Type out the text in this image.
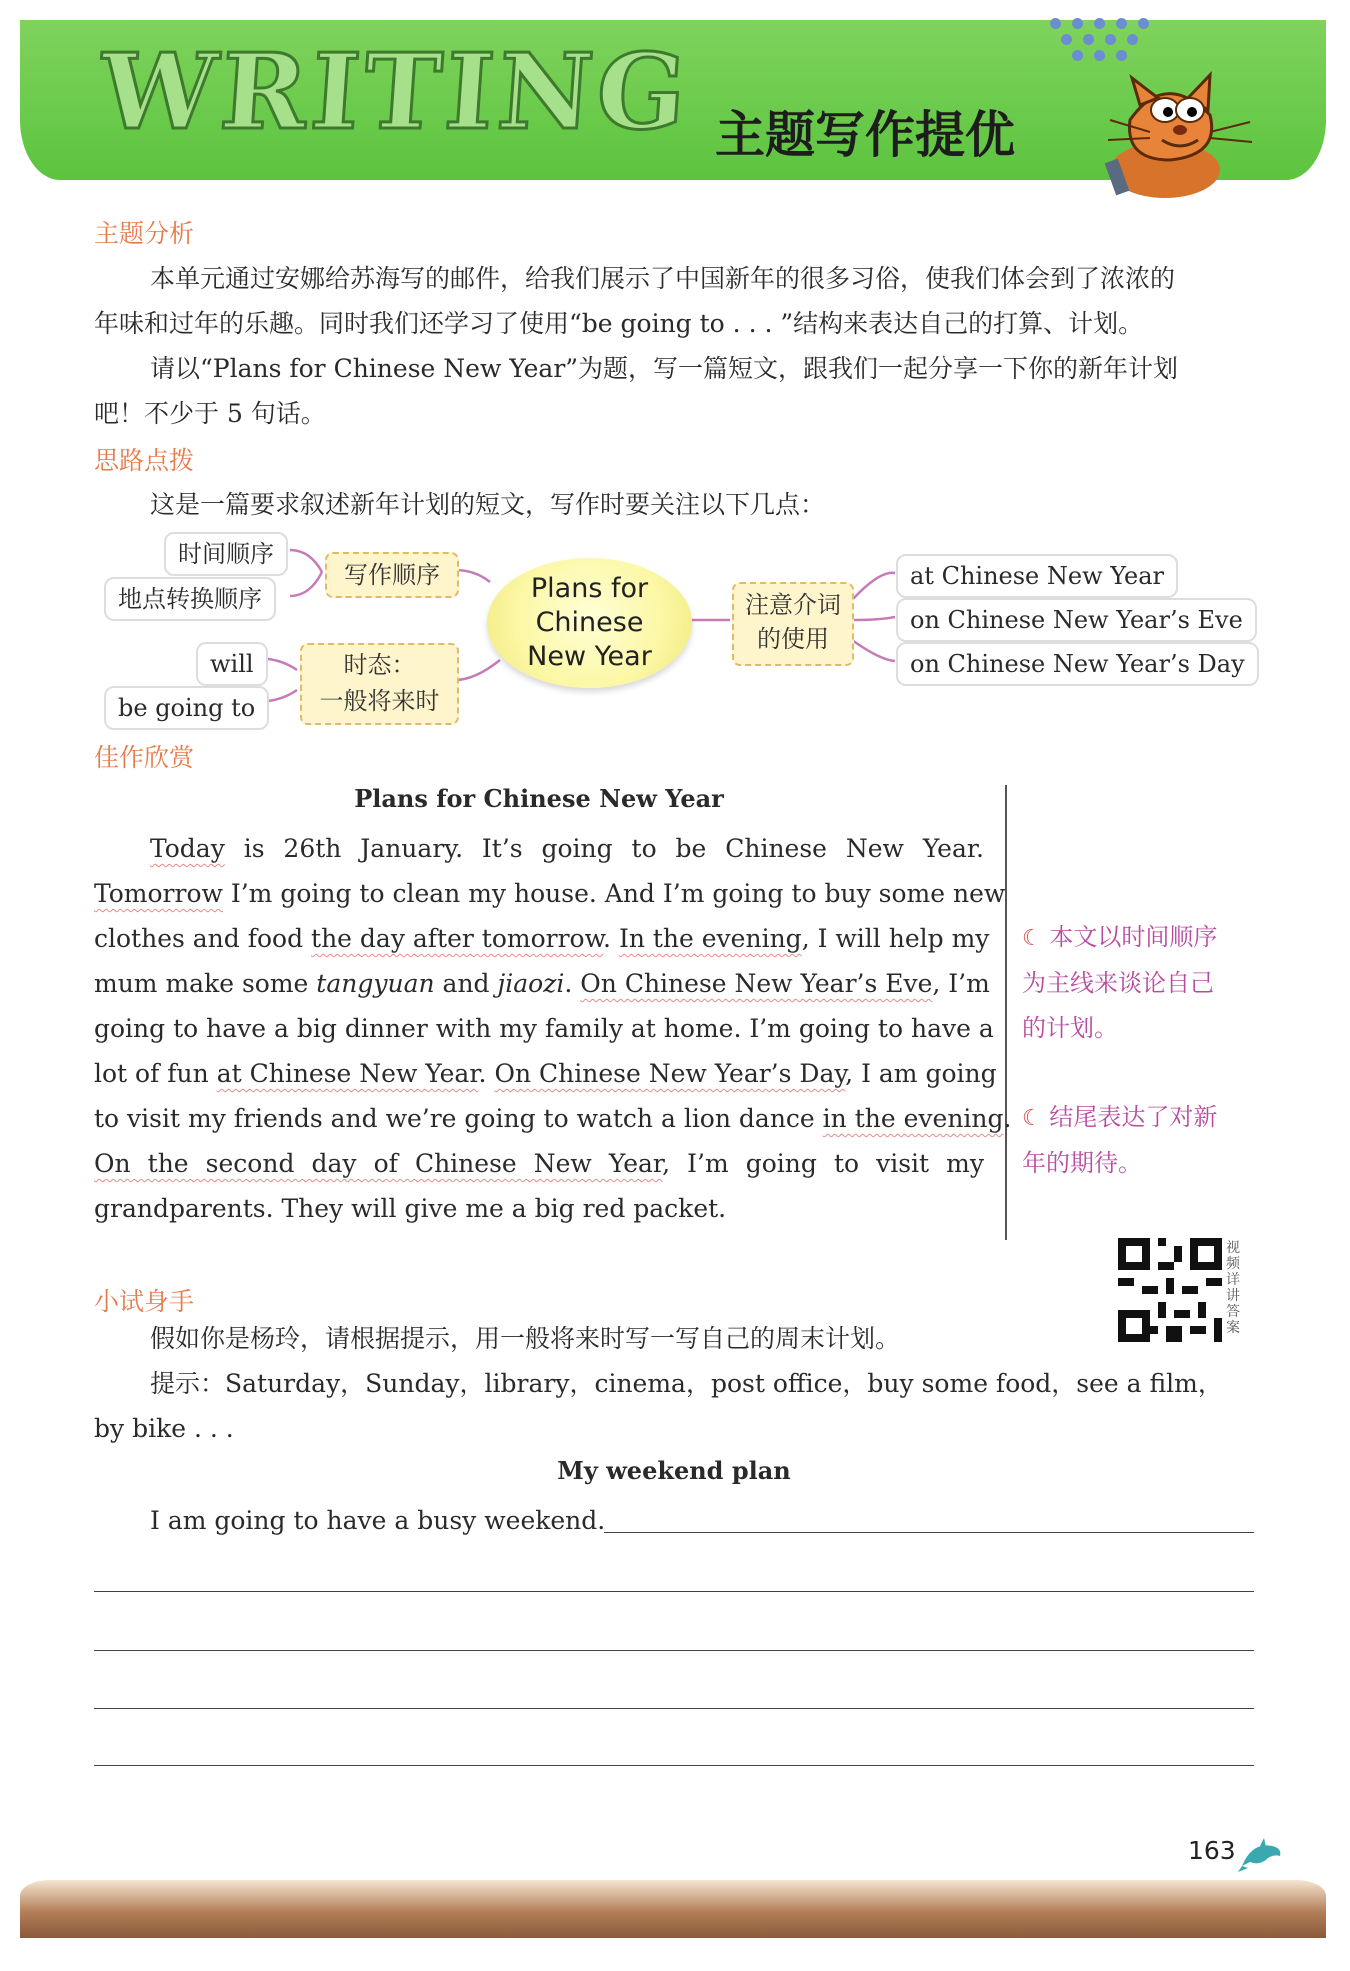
WRITING 主题写作提优
主题分析
本单元通过安娜给苏海写的邮件，给我们展示了中国新年的很多习俗，使我们体会到了浓浓的
年味和过年的乐趣。同时我们还学习了使用“be going to . . . ”结构来表达自己的打算、计划。
请以“Plans for Chinese New Year”为题，写一篇短文，跟我们一起分享一下你的新年计划
吧！不少于 5 句话。
思路点拨
这是一篇要求叙述新年计划的短文，写作时要关注以下几点：
时间顺序
地点转换顺序
写作顺序
will
be going to
时态：
一般将来时
Plans for
Chinese
New Year
注意介词
的使用
at Chinese New Year
on Chinese New Year’s Eve
on Chinese New Year’s Day
佳作欣赏
Plans for Chinese New Year
Today is 26th January. It’s going to be Chinese New Year.
Tomorrow I’m going to clean my house. And I’m going to buy some new
clothes and food the day after tomorrow. In the evening, I will help my
mum make some tangyuan and jiaozi. On Chinese New Year’s Eve, I’m
going to have a big dinner with my family at home. I’m going to have a
lot of fun at Chinese New Year. On Chinese New Year’s Day, I am going
to visit my friends and we’re going to watch a lion dance in the evening.
On the second day of Chinese New Year, I’m going to visit my
grandparents. They will give me a big red packet.
☾ 本文以时间顺序
为主线来谈论自己
的计划。
☾ 结尾表达了对新
年的期待。
小试身手
视频详讲答案
假如你是杨玲，请根据提示，用一般将来时写一写自己的周末计划。
提示：Saturday，Sunday，library，cinema，post office，buy some food，see a film，
by bike . . .
My weekend plan
I am going to have a busy weekend.
163
